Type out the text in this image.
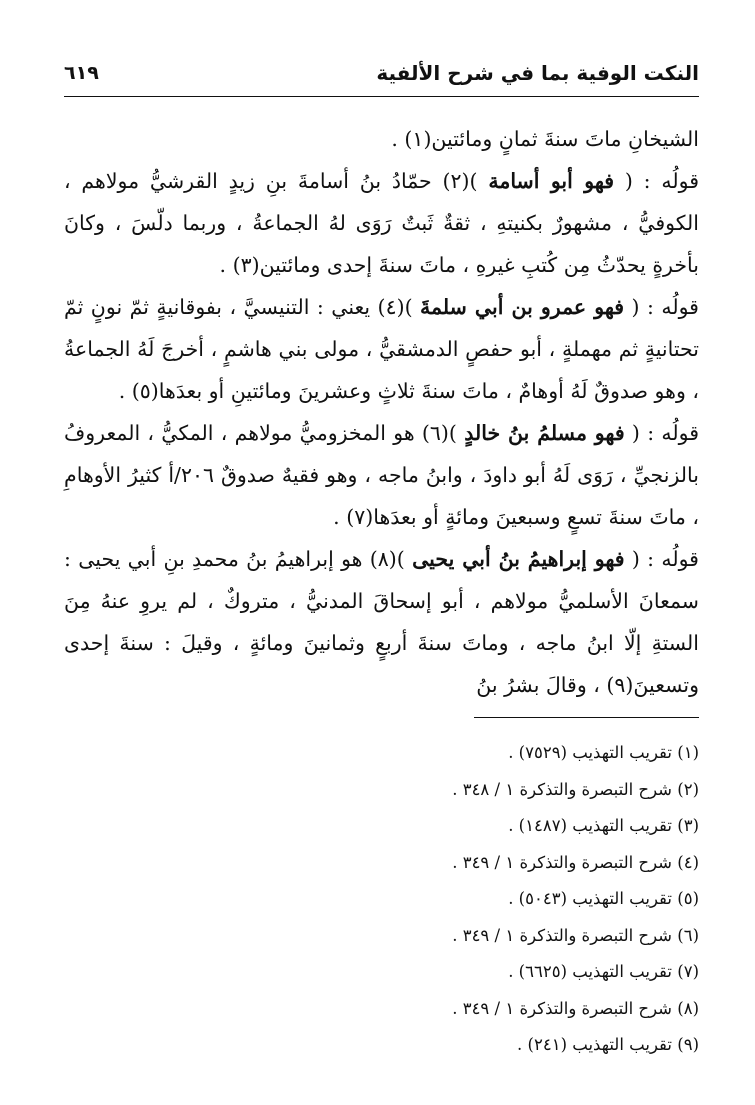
النكت الوفية بما في شرح الألفية
٦١٩

الشيخانِ ماتَ سنةَ ثمانٍ ومائتين(١) .

قولُه : ( فهو أبو أسامة )(٢) حمّادُ بنُ أسامةَ بنِ زيدٍ القرشيُّ مولاهم ، الكوفيُّ ، مشهورٌ بكنيتهِ ، ثقةٌ ثَبتٌ رَوَى لهُ الجماعةُ ، وربما دلّسَ ، وكانَ بأخرةٍ يحدّثُ مِن كُتبِ غيرهِ ، ماتَ سنةَ إحدى ومائتين(٣) .

قولُه : ( فهو عمرو بن أبي سلمةَ )(٤) يعني : التنيسيَّ ، بفوقانيةٍ ثمّ نونٍ ثمّ تحتانيةٍ ثم مهملةٍ ، أبو حفصٍ الدمشقيُّ ، مولى بني هاشمٍ ، أخرجَ لَهُ الجماعةُ ، وهو صدوقٌ لَهُ أوهامٌ ، ماتَ سنةَ ثلاثٍ وعشرينَ ومائتينِ أو بعدَها(٥) .

قولُه : ( فهو مسلمُ بنُ خالدٍ )(٦) هو المخزوميُّ مولاهم ، المكيُّ ، المعروفُ بالزنجيِّ ، رَوَى لَهُ أبو داودَ ، وابنُ ماجه ، وهو فقيهٌ صدوقٌ ٢٠٦/أ كثيرُ الأوهامِ ، ماتَ سنةَ تسعٍ وسبعينَ ومائةٍ أو بعدَها(٧) .

قولُه : ( فهو إبراهيمُ بنُ أبي يحيى )(٨) هو إبراهيمُ بنُ محمدِ بنِ أبي يحيى : سمعانَ الأسلميُّ مولاهم ، أبو إسحاقَ المدنيُّ ، متروكٌ ، لم يروِ عنهُ مِنَ الستةِ إلّا ابنُ ماجه ، وماتَ سنةَ أربعٍ وثمانينَ ومائةٍ ، وقيلَ : سنةَ إحدى وتسعينَ(٩) ، وقالَ بشرُ بنُ

(١) تقريب التهذيب (٧٥٢٩) .
(٢) شرح التبصرة والتذكرة ١ / ٣٤٨ .
(٣) تقريب التهذيب (١٤٨٧) .
(٤) شرح التبصرة والتذكرة ١ / ٣٤٩ .
(٥) تقريب التهذيب (٥٠٤٣) .
(٦) شرح التبصرة والتذكرة ١ / ٣٤٩ .
(٧) تقريب التهذيب (٦٦٢٥) .
(٨) شرح التبصرة والتذكرة ١ / ٣٤٩ .
(٩) تقريب التهذيب (٢٤١) .
